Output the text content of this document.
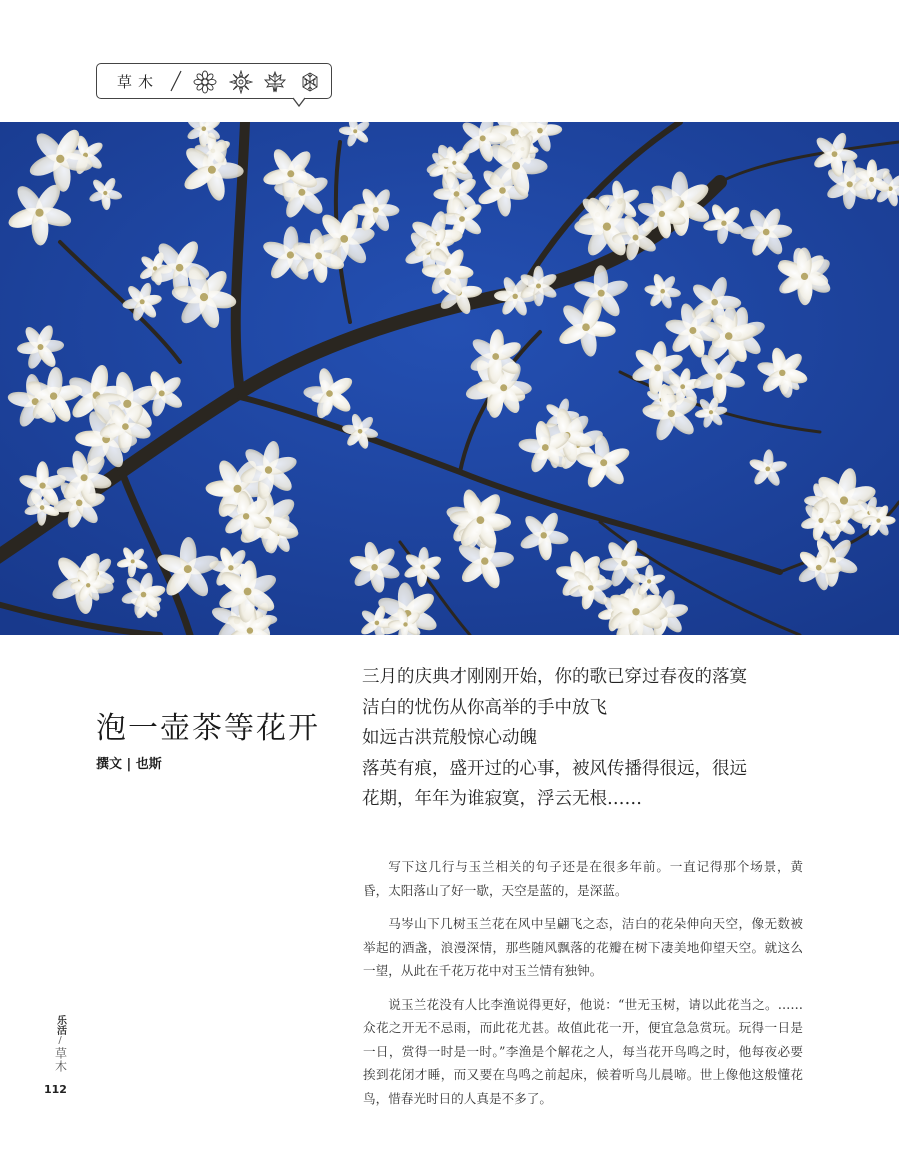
草木
泡一壶茶等花开
撰文 | 也斯
三月的庆典才刚刚开始，你的歌已穿过春夜的落寞
洁白的忧伤从你高举的手中放飞
如远古洪荒般惊心动魄
落英有痕，盛开过的心事，被风传播得很远，很远
花期，年年为谁寂寞，浮云无根……

写下这几行与玉兰相关的句子还是在很多年前。一直记得那个场景，黄昏，太阳落山了好一歇，天空是蓝的，是深蓝。

马岑山下几树玉兰花在风中呈翩飞之态，洁白的花朵伸向天空，像无数被举起的酒盏，浪漫深情，那些随风飘落的花瓣在树下凄美地仰望天空。就这么一望，从此在千花万花中对玉兰情有独钟。

说玉兰花没有人比李渔说得更好，他说：“世无玉树，请以此花当之。……众花之开无不忌雨，而此花尤甚。故值此花一开，便宜急急赏玩。玩得一日是一日，赏得一时是一时。”李渔是个解花之人，每当花开鸟鸣之时，他每夜必要挨到花闭才睡，而又要在鸟鸣之前起床，候着听鸟儿晨啼。世上像他这般懂花鸟，惜春光时日的人真是不多了。

乐活
/
草木
112
